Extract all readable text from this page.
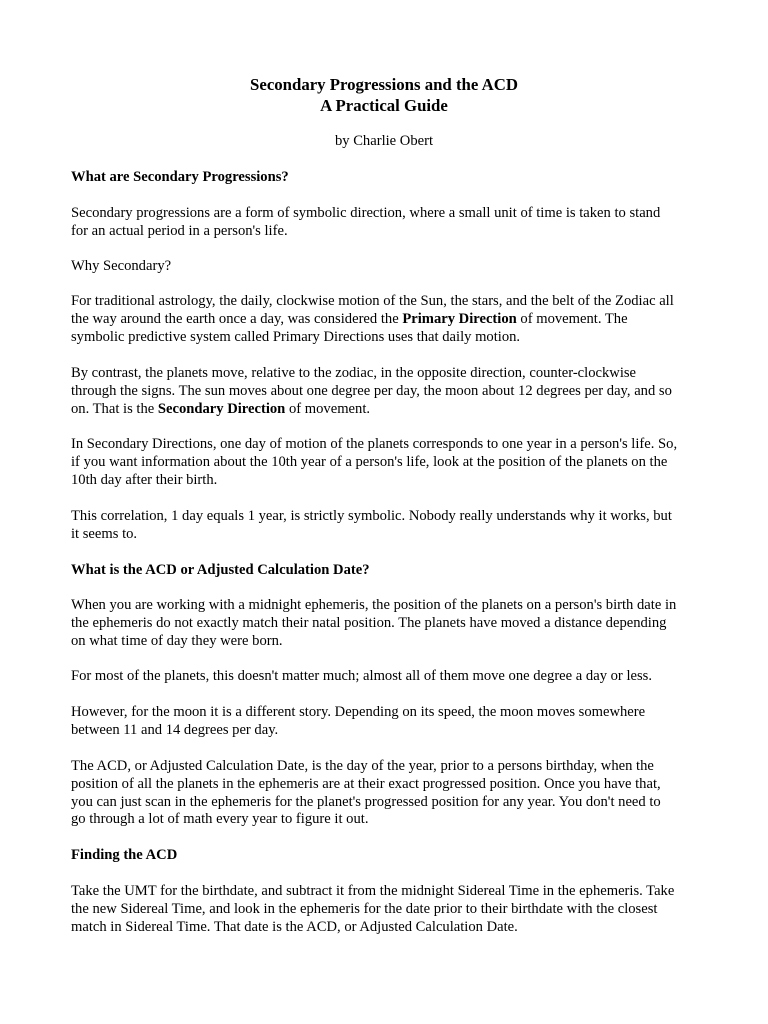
Secondary Progressions and the ACD
A Practical Guide
by Charlie Obert

What are Secondary Progressions?

Secondary progressions are a form of symbolic direction, where a small unit of time is taken to stand
for an actual period in a person's life.

Why Secondary?

For traditional astrology, the daily, clockwise motion of the Sun, the stars, and the belt of the Zodiac all
the way around the earth once a day, was considered the Primary Direction of movement. The
symbolic predictive system called Primary Directions uses that daily motion.

By contrast, the planets move, relative to the zodiac, in the opposite direction, counter-clockwise
through the signs. The sun moves about one degree per day, the moon about 12 degrees per day, and so
on. That is the Secondary Direction of movement.

In Secondary Directions, one day of motion of the planets corresponds to one year in a person's life. So,
if you want information about the 10th year of a person's life, look at the position of the planets on the
10th day after their birth.

This correlation, 1 day equals 1 year, is strictly symbolic. Nobody really understands why it works, but
it seems to.

What is the ACD or Adjusted Calculation Date?

When you are working with a midnight ephemeris, the position of the planets on a person's birth date in
the ephemeris do not exactly match their natal position. The planets have moved a distance depending
on what time of day they were born.

For most of the planets, this doesn't matter much; almost all of them move one degree a day or less.

However, for the moon it is a different story. Depending on its speed, the moon moves somewhere
between 11 and 14 degrees per day.

The ACD, or Adjusted Calculation Date, is the day of the year, prior to a persons birthday, when the
position of all the planets in the ephemeris are at their exact progressed position. Once you have that,
you can just scan in the ephemeris for the planet's progressed position for any year. You don't need to
go through a lot of math every year to figure it out.

Finding the ACD

Take the UMT for the birthdate, and subtract it from the midnight Sidereal Time in the ephemeris. Take
the new Sidereal Time, and look in the ephemeris for the date prior to their birthdate with the closest
match in Sidereal Time. That date is the ACD, or Adjusted Calculation Date.
